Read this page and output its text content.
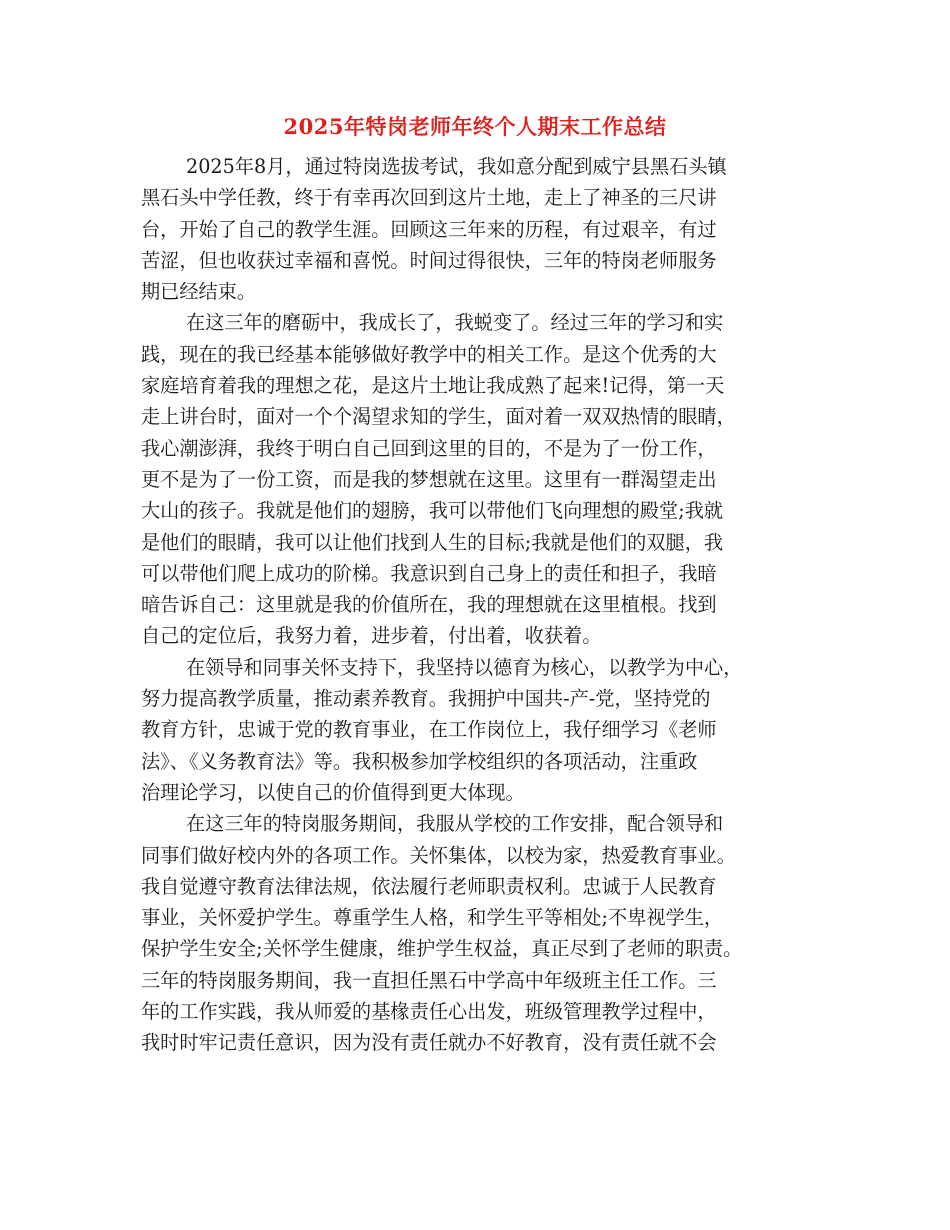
2025年特岗老师年终个人期末工作总结
2025年8月，通过特岗选拔考试，我如意分配到威宁县黑石头镇
黑石头中学任教，终于有幸再次回到这片土地，走上了神圣的三尺讲
台，开始了自己的教学生涯。回顾这三年来的历程，有过艰辛，有过
苦涩，但也收获过幸福和喜悦。时间过得很快，三年的特岗老师服务
期已经结束。
在这三年的磨砺中，我成长了，我蜕变了。经过三年的学习和实
践，现在的我已经基本能够做好教学中的相关工作。是这个优秀的大
家庭培育着我的理想之花，是这片土地让我成熟了起来!记得，第一天
走上讲台时，面对一个个渴望求知的学生，面对着一双双热情的眼睛，
我心潮澎湃，我终于明白自己回到这里的目的，不是为了一份工作，
更不是为了一份工资，而是我的梦想就在这里。这里有一群渴望走出
大山的孩子。我就是他们的翅膀，我可以带他们飞向理想的殿堂;我就
是他们的眼睛，我可以让他们找到人生的目标;我就是他们的双腿，我
可以带他们爬上成功的阶梯。我意识到自己身上的责任和担子，我暗
暗告诉自己：这里就是我的价值所在，我的理想就在这里植根。找到
自己的定位后，我努力着，进步着，付出着，收获着。
在领导和同事关怀支持下，我坚持以德育为核心，以教学为中心，
努力提高教学质量，推动素养教育。我拥护中国共-产-党，坚持党的
教育方针，忠诚于党的教育事业，在工作岗位上，我仔细学习《老师
法》、《义务教育法》等。我积极参加学校组织的各项活动，注重政
治理论学习，以使自己的价值得到更大体现。
在这三年的特岗服务期间，我服从学校的工作安排，配合领导和
同事们做好校内外的各项工作。关怀集体，以校为家，热爱教育事业。
我自觉遵守教育法律法规，依法履行老师职责权利。忠诚于人民教育
事业，关怀爱护学生。尊重学生人格，和学生平等相处;不卑视学生，
保护学生安全;关怀学生健康，维护学生权益，真正尽到了老师的职责。
三年的特岗服务期间，我一直担任黑石中学高中年级班主任工作。三
年的工作实践，我从师爱的基椽责任心出发，班级管理教学过程中，
我时时牢记责任意识，因为没有责任就办不好教育，没有责任就不会
